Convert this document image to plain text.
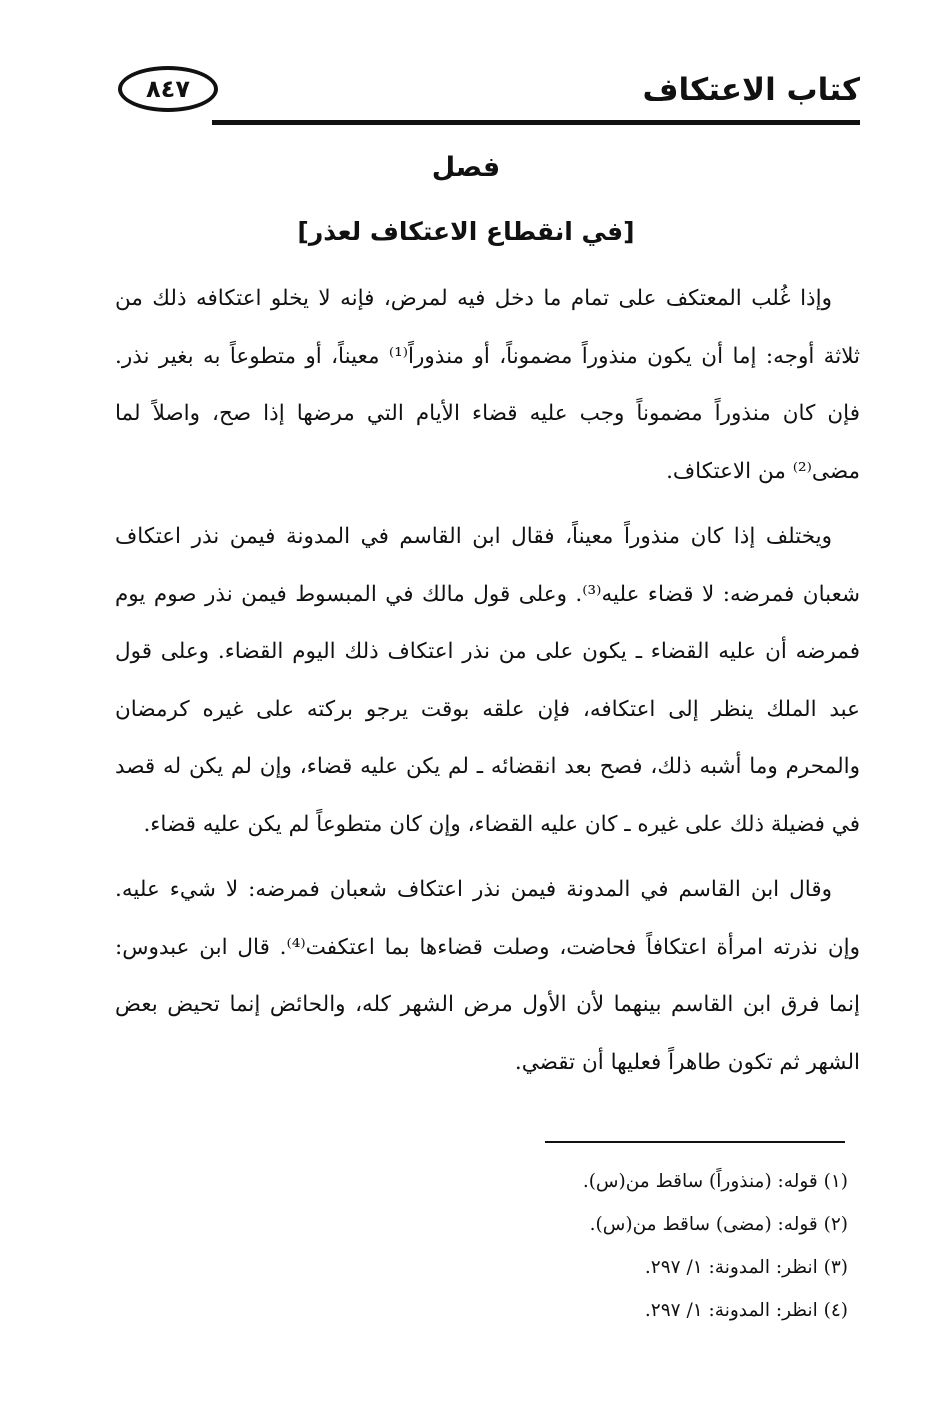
٨٤٧	كتاب الاعتكاف
فصل
[في انقطاع الاعتكاف لعذر]

وإذا غُلب المعتكف على تمام ما دخل فيه لمرض، فإنه لا يخلو اعتكافه ذلك من ثلاثة أوجه: إما أن يكون منذوراً مضموناً، أو منذوراً⁽¹⁾ معيناً، أو متطوعاً به بغير نذر. فإن كان منذوراً مضموناً وجب عليه قضاء الأيام التي مرضها إذا صح، واصلاً لما مضى⁽²⁾ من الاعتكاف.

ويختلف إذا كان منذوراً معيناً، فقال ابن القاسم في المدونة فيمن نذر اعتكاف شعبان فمرضه: لا قضاء عليه⁽³⁾. وعلى قول مالك في المبسوط فيمن نذر صوم يوم فمرضه أن عليه القضاء ـ يكون على من نذر اعتكاف ذلك اليوم القضاء. وعلى قول عبد الملك ينظر إلى اعتكافه، فإن علقه بوقت يرجو بركته على غيره كرمضان والمحرم وما أشبه ذلك، فصح بعد انقضائه ـ لم يكن عليه قضاء، وإن لم يكن له قصد في فضيلة ذلك على غيره ـ كان عليه القضاء، وإن كان متطوعاً لم يكن عليه قضاء.

وقال ابن القاسم في المدونة فيمن نذر اعتكاف شعبان فمرضه: لا شيء عليه. وإن نذرته امرأة اعتكافاً فحاضت، وصلت قضاءها بما اعتكفت⁽⁴⁾. قال ابن عبدوس: إنما فرق ابن القاسم بينهما لأن الأول مرض الشهر كله، والحائض إنما تحيض بعض الشهر ثم تكون طاهراً فعليها أن تقضي.

(١) قوله: (منذوراً) ساقط من(س).
(٢) قوله: (مضى) ساقط من(س).
(٣) انظر: المدونة: ١/ ٢٩٧.
(٤) انظر: المدونة: ١/ ٢٩٧.
